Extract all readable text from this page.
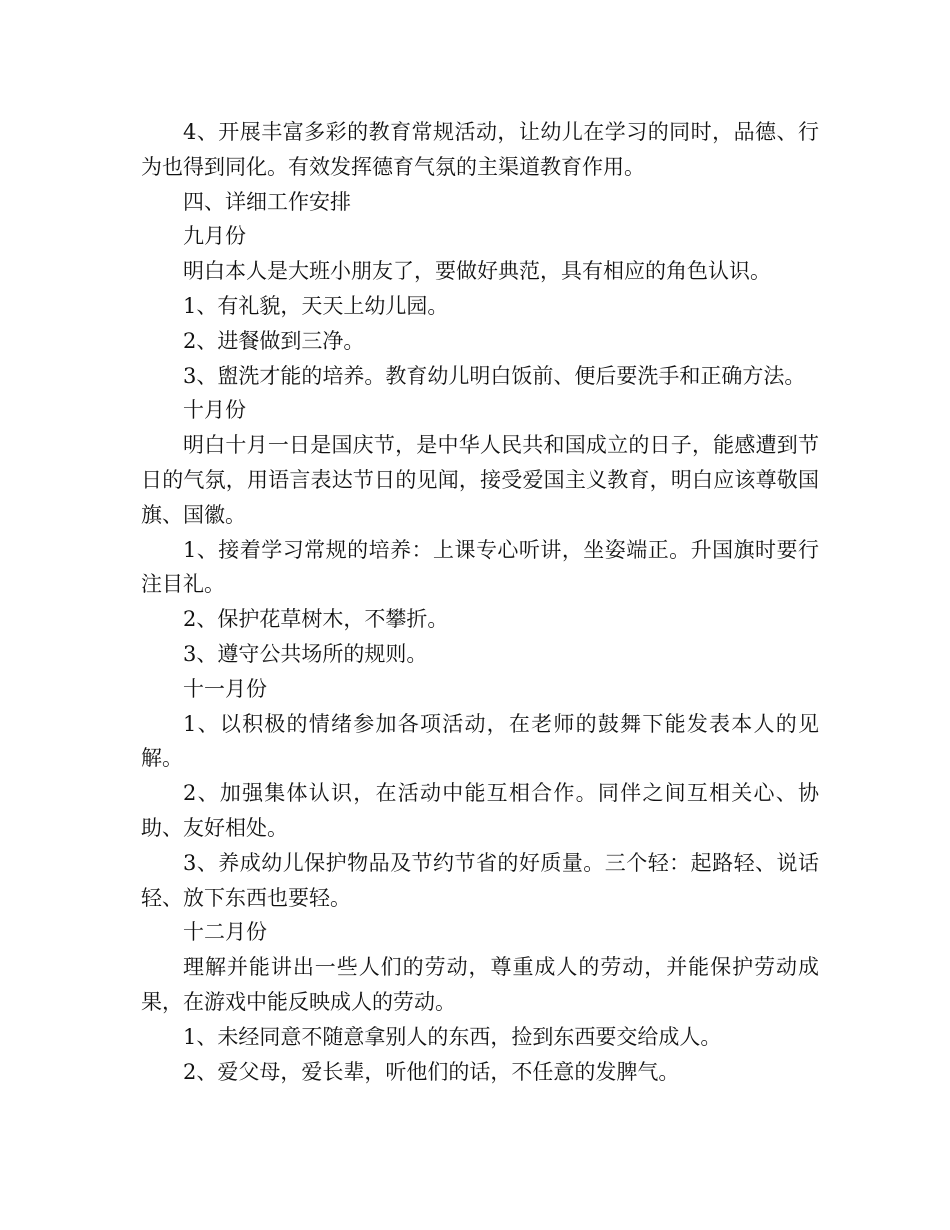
4、开展丰富多彩的教育常规活动，让幼儿在学习的同时，品德、行为也得到同化。有效发挥德育气氛的主渠道教育作用。

四、详细工作安排

九月份

明白本人是大班小朋友了，要做好典范，具有相应的角色认识。

1、有礼貌，天天上幼儿园。

2、进餐做到三净。

3、盥洗才能的培养。教育幼儿明白饭前、便后要洗手和正确方法。

十月份

明白十月一日是国庆节，是中华人民共和国成立的日子，能感遭到节日的气氛，用语言表达节日的见闻，接受爱国主义教育，明白应该尊敬国旗、国徽。

1、接着学习常规的培养：上课专心听讲，坐姿端正。升国旗时要行注目礼。

2、保护花草树木，不攀折。

3、遵守公共场所的规则。

十一月份

1、以积极的情绪参加各项活动，在老师的鼓舞下能发表本人的见解。

2、加强集体认识，在活动中能互相合作。同伴之间互相关心、协助、友好相处。

3、养成幼儿保护物品及节约节省的好质量。三个轻：起路轻、说话轻、放下东西也要轻。

十二月份

理解并能讲出一些人们的劳动，尊重成人的劳动，并能保护劳动成果，在游戏中能反映成人的劳动。

1、未经同意不随意拿别人的东西，捡到东西要交给成人。

2、爱父母，爱长辈，听他们的话，不任意的发脾气。
